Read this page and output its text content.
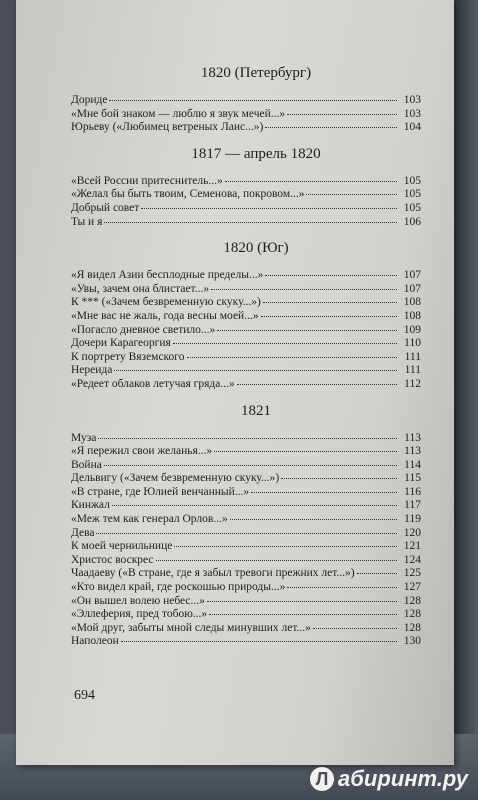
1820 (Петербург)
Дориде	103
«Мне бой знаком — люблю я звук мечей...»	103
Юрьеву («Любимец ветреных Лаис...»)	104
1817 — апрель 1820
«Всей России притеснитель...»	105
«Желал бы быть твоим, Семенова, покровом...»	105
Добрый совет	105
Ты и я	106
1820 (Юг)
«Я видел Азии бесплодные пределы...»	107
«Увы, зачем она блистает...»	107
К *** («Зачем безвременную скуку...»)	108
«Мне вас не жаль, года весны моей...»	108
«Погасло дневное светило...»	109
Дочери Карагеоргия	110
К портрету Вяземского	111
Нереида	111
«Редеет облаков летучая гряда...»	112
1821
Муза	113
«Я пережил свои желанья...»	113
Война	114
Дельвигу («Зачем безвременную скуку...»)	115
«В стране, где Юлией венчанный...»	116
Кинжал	117
«Меж тем как генерал Орлов...»	119
Дева	120
К моей чернильнице	121
Христос воскрес	124
Чаадаеву («В стране, где я забыл тревоги прежних лет...»)	125
«Кто видел край, где роскошью природы...»	127
«Он вышел волею небес...»	128
«Эллеферия, пред тобою...»	128
«Мой друг, забыты мной следы минувших лет...»	128
Наполеон	130
694
Л абиринт.ру
